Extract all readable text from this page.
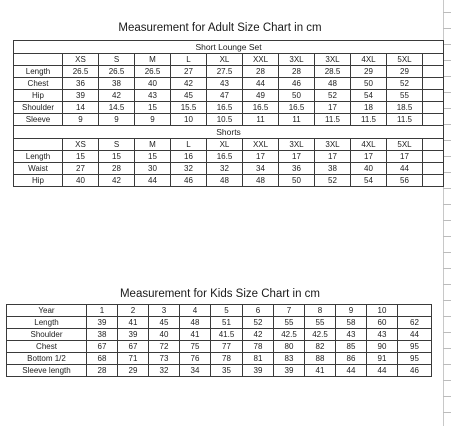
Measurement for Adult Size Chart in cm
Short Lounge Set											
	XS	S	M	L	XL	XXL	3XL	3XL	4XL	5XL	
Length	26.5	26.5	26.5	27	27.5	28	28	28.5	29	29	
Chest	36	38	40	42	43	44	46	48	50	52	
Hip	39	42	43	45	47	49	50	52	54	55	
Shoulder	14	14.5	15	15.5	16.5	16.5	16.5	17	18	18.5	
Sleeve	9	9	9	10	10.5	11	11	11.5	11.5	11.5	
Shorts											
	XS	S	M	L	XL	XXL	3XL	3XL	4XL	5XL	
Length	15	15	15	16	16.5	17	17	17	17	17	
Waist	27	28	30	32	32	34	36	38	40	44	
Hip	40	42	44	46	48	48	50	52	54	56	
Measurement for Kids Size Chart in cm
Year	1	2	3	4	5	6	7	8	9	10	
Length	39	41	45	48	51	52	55	55	58	60	62
Shoulder	38	39	40	41	41.5	42	42.5	42.5	43	43	44
Chest	67	67	72	75	77	78	80	82	85	90	95
Bottom 1/2	68	71	73	76	78	81	83	88	86	91	95
Sleeve length	28	29	32	34	35	39	39	41	44	44	46
